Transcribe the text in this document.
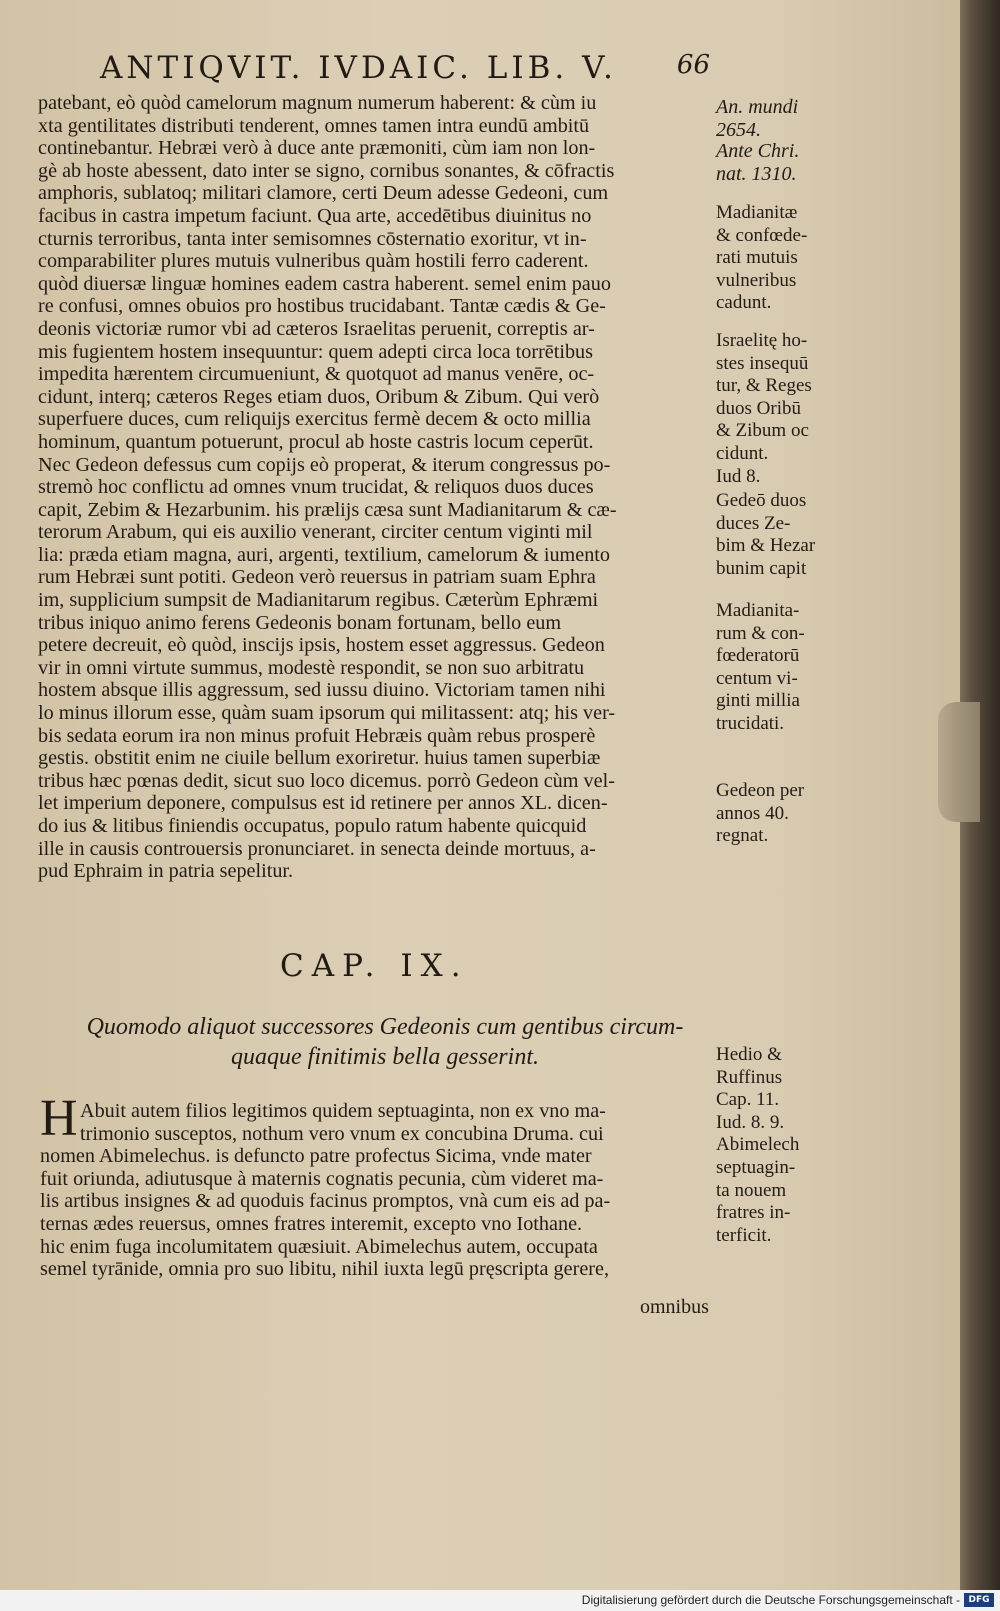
ANTIQVIT. IVDAIC. LIB. V. 66
patebant, eò quòd camelorum magnum numerum haberent: & cùm iu
xta gentilitates distributi tenderent, omnes tamen intra eundū ambitū
continebantur. Hebræi verò à duce ante præmoniti, cùm iam non lon-
gè ab hoste abessent, dato inter se signo, cornibus sonantes, & cōfractis
amphoris, sublatoq; militari clamore, certi Deum adesse Gedeoni, cum
facibus in castra impetum faciunt. Qua arte, accedētibus diuinitus no
cturnis terroribus, tanta inter semisomnes cōsternatio exoritur, vt in-
comparabiliter plures mutuis vulneribus quàm hostili ferro caderent.
quòd diuersæ linguæ homines eadem castra haberent. semel enim pauo
re confusi, omnes obuios pro hostibus trucidabant. Tantæ cædis & Ge-
deonis victoriæ rumor vbi ad cæteros Israelitas peruenit, correptis ar-
mis fugientem hostem insequuntur: quem adepti circa loca torrētibus
impedita hærentem circumueniunt, & quotquot ad manus venēre, oc-
cidunt, interq; cæteros Reges etiam duos, Oribum & Zibum. Qui verò
superfuere duces, cum reliquijs exercitus fermè decem & octo millia
hominum, quantum potuerunt, procul ab hoste castris locum ceperūt.
Nec Gedeon defessus cum copijs eò properat, & iterum congressus po-
stremò hoc conflictu ad omnes vnum trucidat, & reliquos duos duces
capit, Zebim & Hezarbunim. his prælijs cæsa sunt Madianitarum & cæ-
terorum Arabum, qui eis auxilio venerant, circiter centum viginti mil
lia: præda etiam magna, auri, argenti, textilium, camelorum & iumento
rum Hebræi sunt potiti. Gedeon verò reuersus in patriam suam Ephra
im, supplicium sumpsit de Madianitarum regibus. Cæterùm Ephræmi
tribus iniquo animo ferens Gedeonis bonam fortunam, bello eum
petere decreuit, eò quòd, inscijs ipsis, hostem esset aggressus. Gedeon
vir in omni virtute summus, modestè respondit, se non suo arbitratu
hostem absque illis aggressum, sed iussu diuino. Victoriam tamen nihi
lo minus illorum esse, quàm suam ipsorum qui militassent: atq; his ver-
bis sedata eorum ira non minus profuit Hebræis quàm rebus prosperè
gestis. obstitit enim ne ciuile bellum exoriretur. huius tamen superbiæ
tribus hæc pœnas dedit, sicut suo loco dicemus. porrò Gedeon cùm vel-
let imperium deponere, compulsus est id retinere per annos XL. dicen-
do ius & litibus finiendis occupatus, populo ratum habente quicquid
ille in causis controuersis pronunciaret. in senecta deinde mortuus, a-
pud Ephraim in patria sepelitur.
An. mundi
2654.
Ante Chri.
nat. 1310.
Madianitæ
& confœde-
rati mutuis
vulneribus
cadunt.
Israelitę ho-
stes insequū
tur, & Reges
duos Oribū
& Zibum oc
cidunt.
Iud 8.
Gedeō duos
duces Ze-
bim & Hezar
bunim capit
Madianita-
rum & con-
fœderatorū
centum vi-
ginti millia
trucidati.
Gedeon per
annos 40.
regnat.
Hedio &
Ruffinus
Cap. 11.
Iud. 8. 9.
Abimelech
septuagin-
ta nouem
fratres in-
terficit.
CAP. IX.
Quomodo aliquot successores Gedeonis cum gentibus circum-
quaque finitimis bella gesserint.
H Abuit autem filios legitimos quidem septuaginta, non ex vno ma-
trimonio susceptos, nothum vero vnum ex concubina Druma. cui
nomen Abimelechus. is defuncto patre profectus Sicima, vnde mater
fuit oriunda, adiutusque à maternis cognatis pecunia, cùm videret ma-
lis artibus insignes & ad quoduis facinus promptos, vnà cum eis ad pa-
ternas ædes reuersus, omnes fratres interemit, excepto vno Iothane.
hic enim fuga incolumitatem quæsiuit. Abimelechus autem, occupata
semel tyrānide, omnia pro suo libitu, nihil iuxta legū pręscripta gerere,
omnibus
Digitalisierung gefördert durch die Deutsche Forschungsgemeinschaft - DFG
